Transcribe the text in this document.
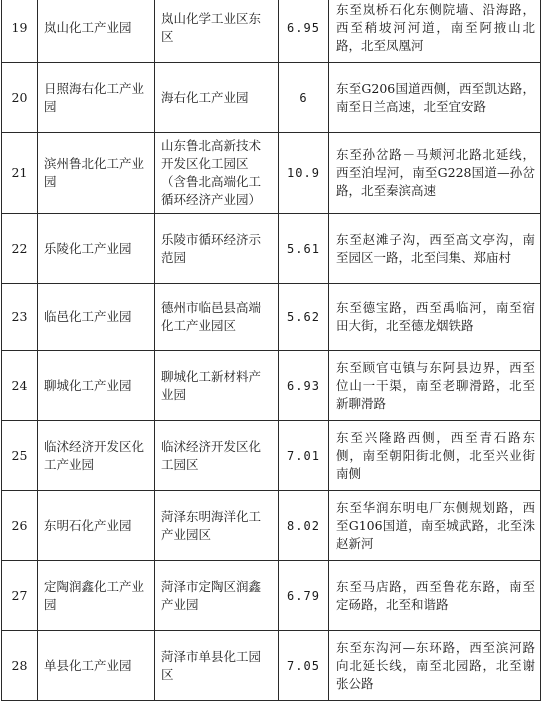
19	岚山化工产业园	岚山化学工业区东区	6.95	东至岚桥石化东侧院墙、沿海路，西至稍坡河河道，南至阿掖山北路，北至凤凰河
20	日照海右化工产业园	海右化工产业园	6	东至G206国道西侧，西至凯达路，南至日兰高速，北至宜安路
21	滨州鲁北化工产业园	山东鲁北高新技术开发区化工园区（含鲁北高端化工循环经济产业园）	10.9	东至孙岔路－马颊河北路北延线，西至泊埕河，南至G228国道—孙岔路，北至秦滨高速
22	乐陵化工产业园	乐陵市循环经济示范园	5.61	东至赵滩子沟，西至高文亭沟，南至园区一路，北至闫集、郑庙村
23	临邑化工产业园	德州市临邑县高端化工产业园区	5.62	东至德宝路，西至禹临河，南至宿田大街，北至德龙烟铁路
24	聊城化工产业园	聊城化工新材料产业园	6.93	东至顾官屯镇与东阿县边界，西至位山一干渠，南至老聊滑路，北至新聊滑路
25	临沭经济开发区化工产业园	临沭经济开发区化工园区	7.01	东至兴隆路西侧，西至青石路东侧，南至朝阳街北侧，北至兴业街南侧
26	东明石化产业园	菏泽东明海洋化工产业园区	8.02	东至华润东明电厂东侧规划路，西至G106国道，南至城武路，北至洙赵新河
27	定陶润鑫化工产业园	菏泽市定陶区润鑫产业园	6.79	东至马店路，西至鲁花东路，南至定砀路，北至和谐路
28	单县化工产业园	菏泽市单县化工园区	7.05	东至东沟河—东环路，西至滨河路向北延长线，南至北园路，北至谢张公路
